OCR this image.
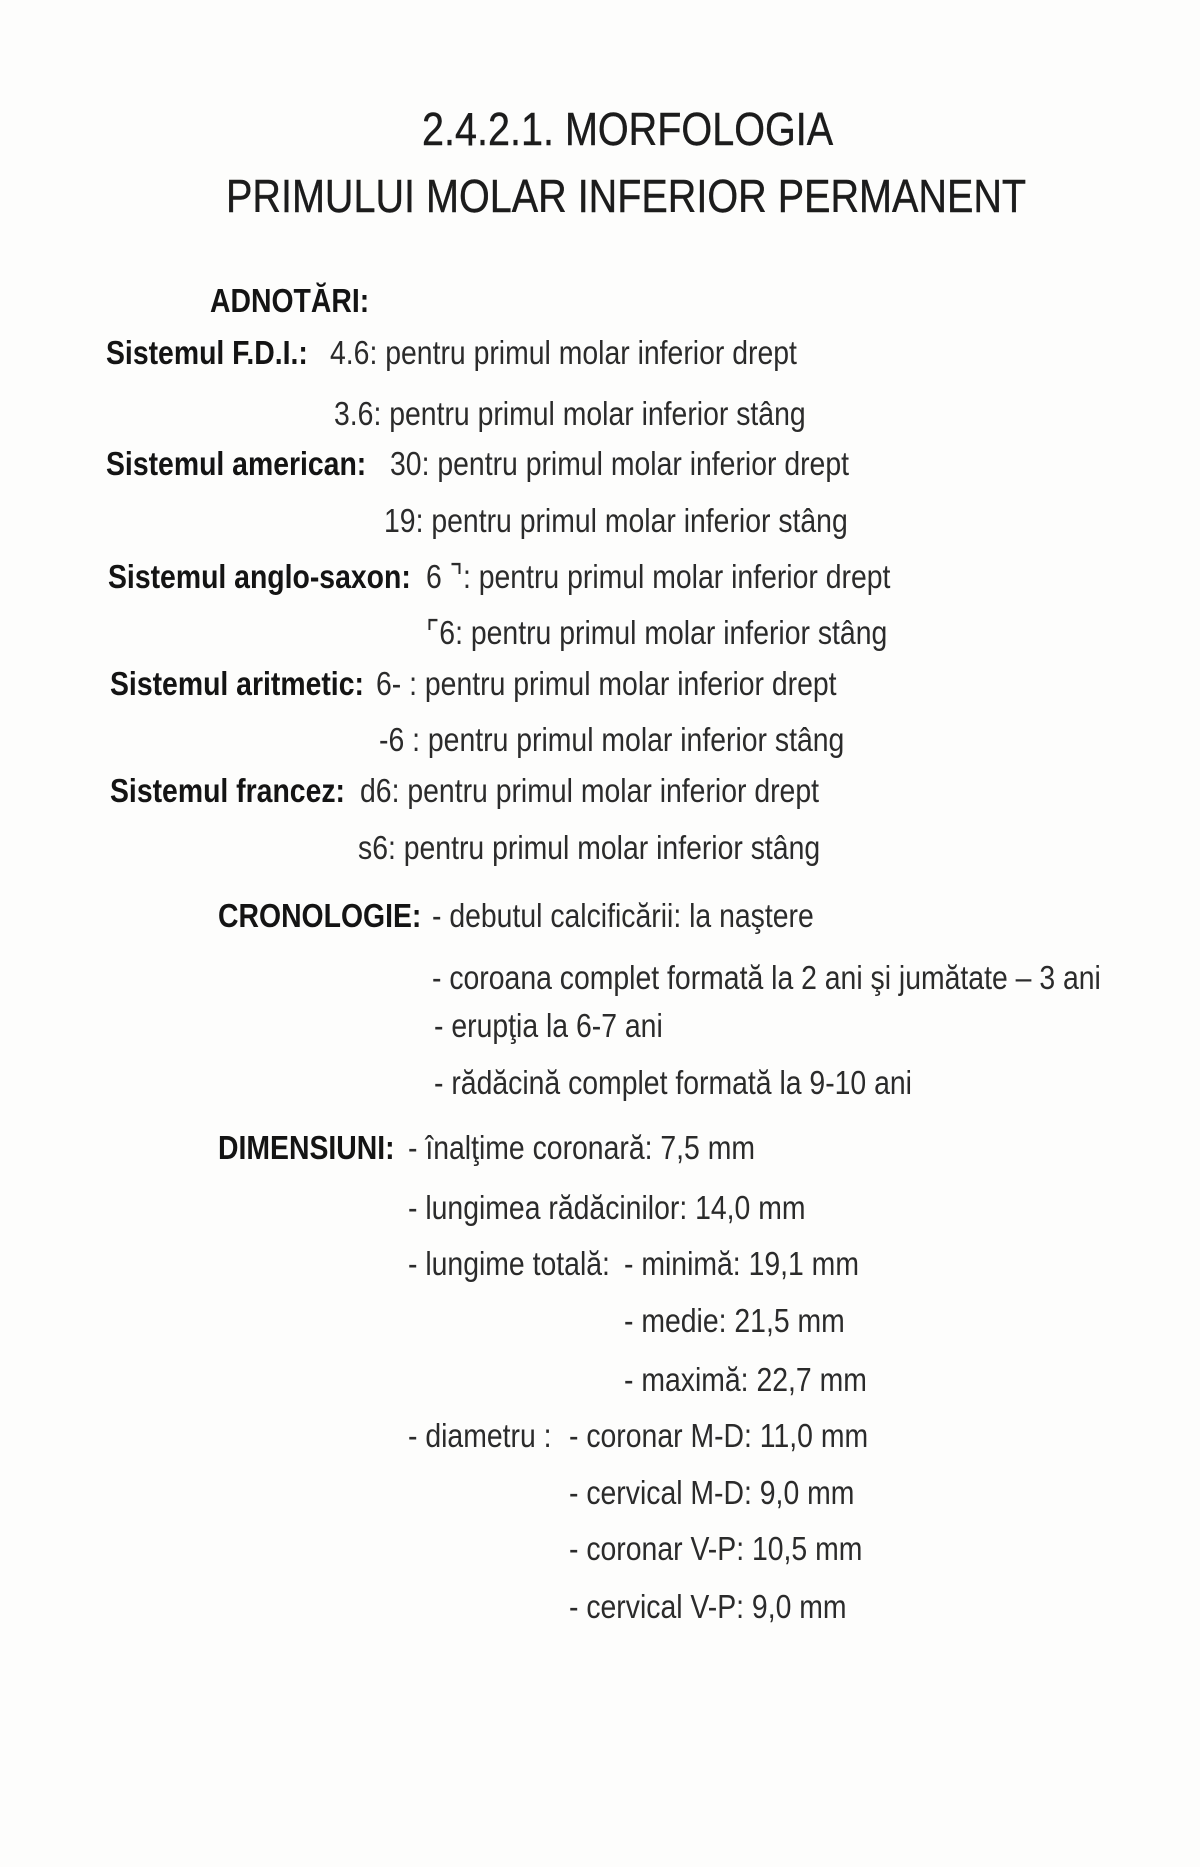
2.4.2.1. MORFOLOGIA
PRIMULUI MOLAR INFERIOR PERMANENT
ADNOTĂRI:
Sistemul F.D.I.: 4.6: pentru primul molar inferior drept
3.6: pentru primul molar inferior stâng
Sistemul american: 30: pentru primul molar inferior drept
19: pentru primul molar inferior stâng
Sistemul anglo-saxon: 6 ⌝: pentru primul molar inferior drept
⌜6: pentru primul molar inferior stâng
Sistemul aritmetic: 6- : pentru primul molar inferior drept
-6 : pentru primul molar inferior stâng
Sistemul francez: d6: pentru primul molar inferior drept
s6: pentru primul molar inferior stâng
CRONOLOGIE: - debutul calcificării: la naştere
- coroana complet formată la 2 ani şi jumătate – 3 ani
- erupţia la 6-7 ani
- rădăcină complet formată la 9-10 ani
DIMENSIUNI: - înalţime coronară: 7,5 mm
- lungimea rădăcinilor: 14,0 mm
- lungime totală: - minimă: 19,1 mm
- medie: 21,5 mm
- maximă: 22,7 mm
- diametru : - coronar M-D: 11,0 mm
- cervical M-D: 9,0 mm
- coronar V-P: 10,5 mm
- cervical V-P: 9,0 mm
